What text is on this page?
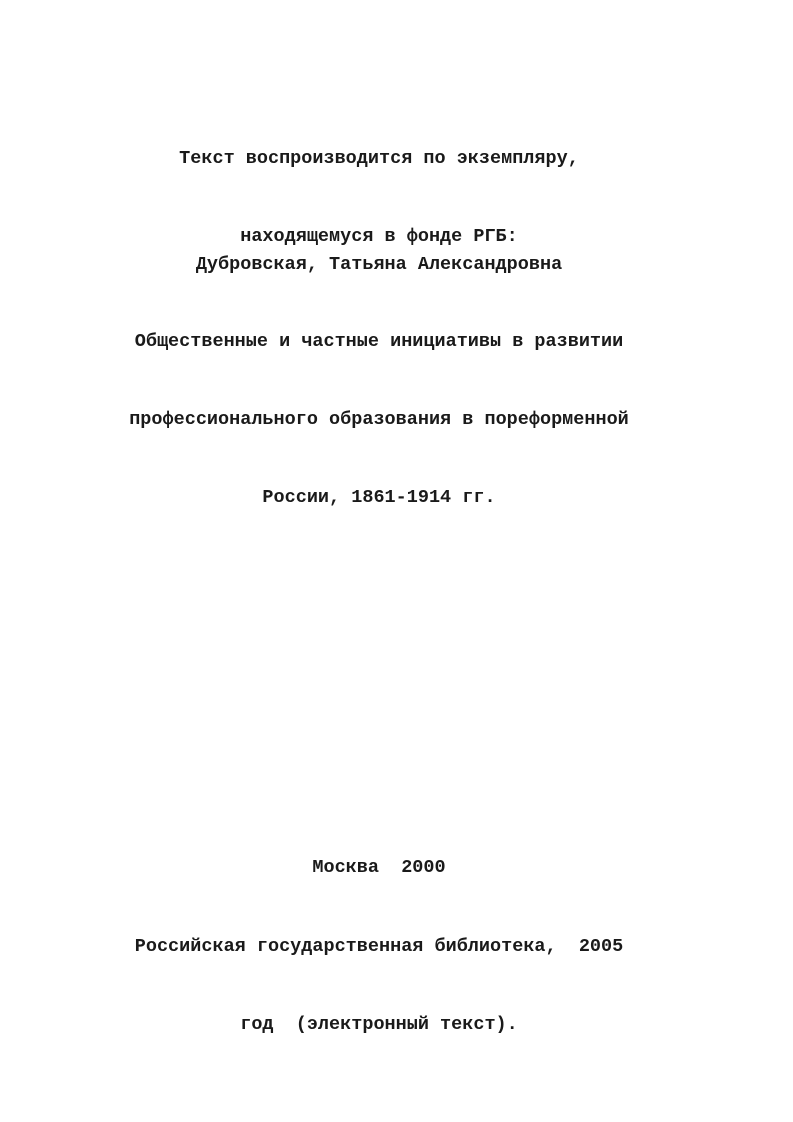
Текст воспроизводится по экземпляру,

находящемуся в фонде РГБ:

Дубровская, Татьяна Александровна

Общественные и частные инициативы в развитии

профессионального образования в пореформенной

России, 1861-1914 гг.

Москва  2000

Российская государственная библиотека,  2005

год  (электронный текст).
